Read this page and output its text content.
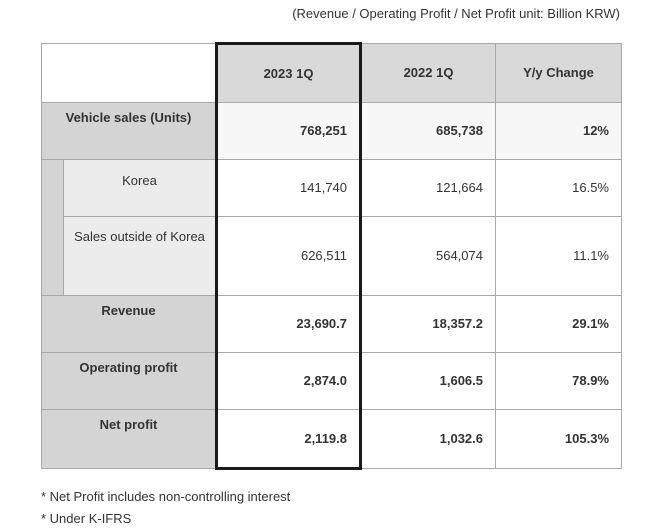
(Revenue / Operating Profit / Net Profit unit: Billion KRW)
		2023 1Q	2022 1Q	Y/y Change

Vehicle sales (Units)		768,251	685,738	12%

	Korea	141,740	121,664	16.5%

	Sales outside of Korea	626,511	564,074	11.1%

Revenue		23,690.7	18,357.2	29.1%

Operating profit		2,874.0	1,606.5	78.9%

Net profit		2,119.8	1,032.6	105.3%
* Net Profit includes non-controlling interest
* Under K-IFRS
